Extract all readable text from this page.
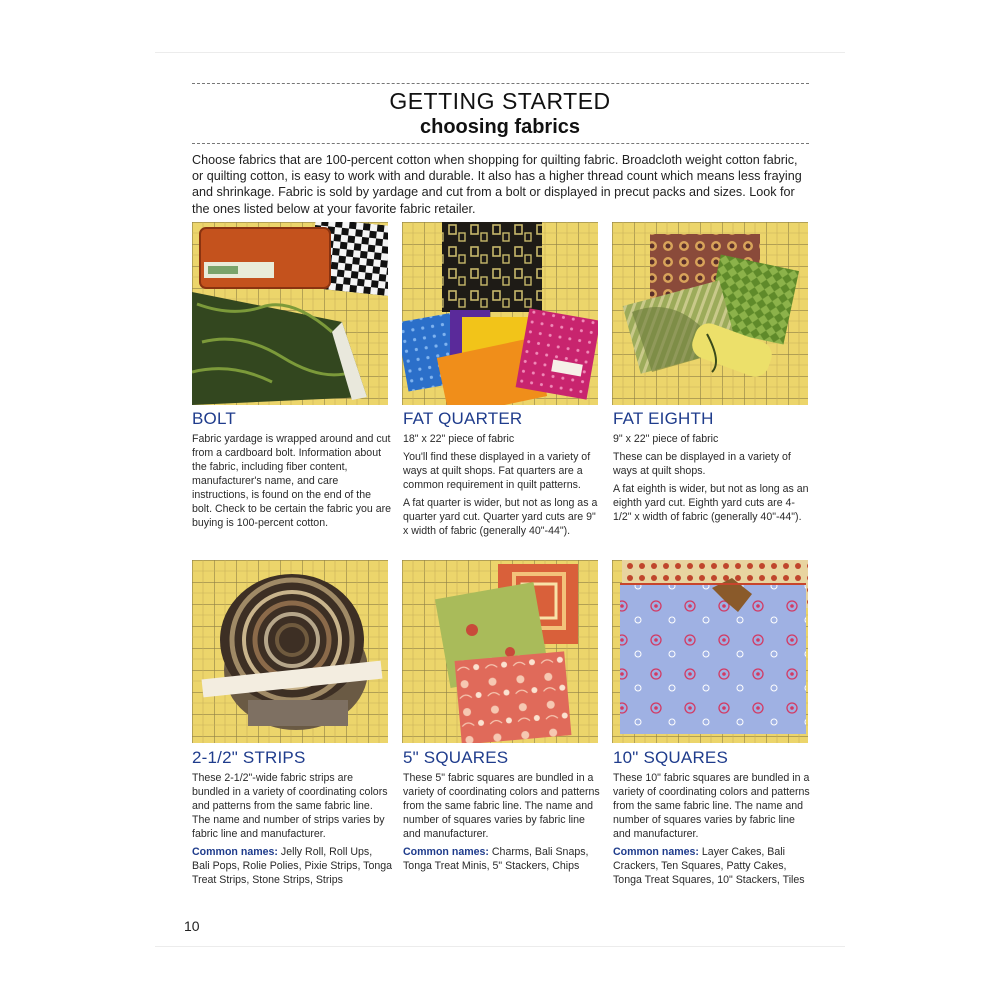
GETTING STARTED
choosing fabrics

Choose fabrics that are 100-percent cotton when shopping for quilting fabric. Broadcloth weight cotton fabric, or quilting cotton, is easy to work with and durable. It also has a higher thread count which means less fraying and shrinkage. Fabric is sold by yardage and cut from a bolt or displayed in precut packs and sizes. Look for the ones listed below at your favorite fabric retailer.

BOLT

Fabric yardage is wrapped around and cut from a cardboard bolt. Information about the fabric, including fiber content, manufacturer's name, and care instructions, is found on the end of the bolt. Check to be certain the fabric you are buying is 100-percent cotton.

FAT QUARTER

18" x 22" piece of fabric

You'll find these displayed in a variety of ways at quilt shops. Fat quarters are a common requirement in quilt patterns.

A fat quarter is wider, but not as long as a quarter yard cut. Quarter yard cuts are 9" x width of fabric (generally 40"-44").

FAT EIGHTH

9" x 22" piece of fabric

These can be displayed in a variety of ways at quilt shops.

A fat eighth is wider, but not as long as an eighth yard cut. Eighth yard cuts are 4-1/2" x width of fabric (generally 40"-44").

2-1/2" STRIPS

These 2-1/2"-wide fabric strips are bundled in a variety of coordinating colors and patterns from the same fabric line. The name and number of strips varies by fabric line and manufacturer.

Common names: Jelly Roll, Roll Ups, Bali Pops, Rolie Polies, Pixie Strips, Tonga Treat Strips, Stone Strips, Strips

5" SQUARES

These 5" fabric squares are bundled in a variety of coordinating colors and patterns from the same fabric line. The name and number of squares varies by fabric line and manufacturer.

Common names: Charms, Bali Snaps, Tonga Treat Minis, 5" Stackers, Chips

10" SQUARES

These 10" fabric squares are bundled in a variety of coordinating colors and patterns from the same fabric line. The name and number of squares varies by fabric line and manufacturer.

Common names: Layer Cakes, Bali Crackers, Ten Squares, Patty Cakes, Tonga Treat Squares, 10" Stackers, Tiles

10
